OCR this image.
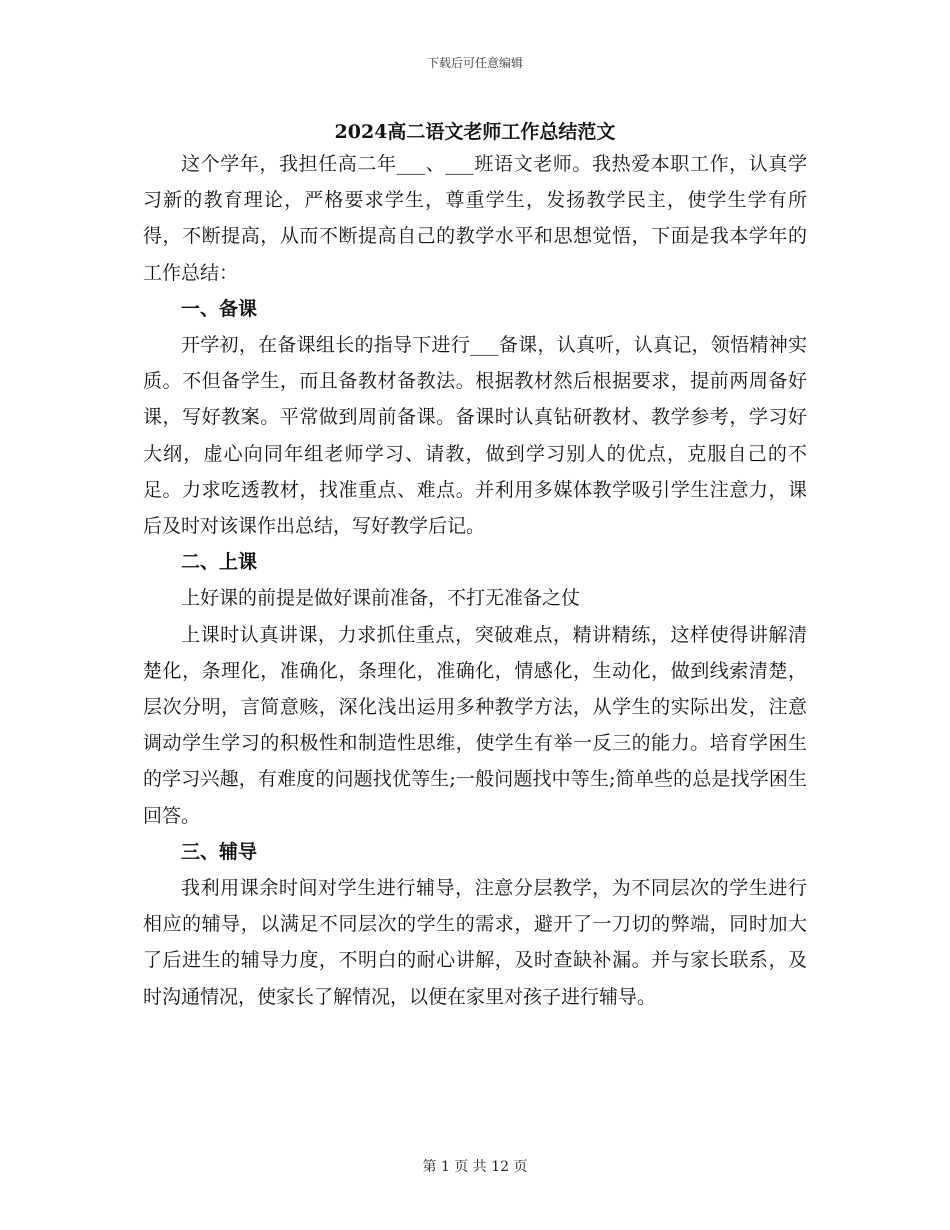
下载后可任意编辑
2024高二语文老师工作总结范文

这个学年，我担任高二年___、___班语文老师。我热爱本职工作，认真学习新的教育理论，严格要求学生，尊重学生，发扬教学民主，使学生学有所得，不断提高，从而不断提高自己的教学水平和思想觉悟，下面是我本学年的工作总结：

一、备课

开学初，在备课组长的指导下进行___备课，认真听，认真记，领悟精神实质。不但备学生，而且备教材备教法。根据教材然后根据要求，提前两周备好课，写好教案。平常做到周前备课。备课时认真钻研教材、教学参考，学习好大纲，虚心向同年组老师学习、请教，做到学习别人的优点，克服自己的不足。力求吃透教材，找准重点、难点。并利用多媒体教学吸引学生注意力，课后及时对该课作出总结，写好教学后记。

二、上课

上好课的前提是做好课前准备，不打无准备之仗

上课时认真讲课，力求抓住重点，突破难点，精讲精练，这样使得讲解清楚化，条理化，准确化，条理化，准确化，情感化，生动化，做到线索清楚，层次分明，言简意赅，深化浅出运用多种教学方法，从学生的实际出发，注意调动学生学习的积极性和制造性思维，使学生有举一反三的能力。培育学困生的学习兴趣，有难度的问题找优等生;一般问题找中等生;简单些的总是找学困生回答。

三、辅导

我利用课余时间对学生进行辅导，注意分层教学，为不同层次的学生进行相应的辅导，以满足不同层次的学生的需求，避开了一刀切的弊端，同时加大了后进生的辅导力度，不明白的耐心讲解，及时查缺补漏。并与家长联系，及时沟通情况，使家长了解情况，以便在家里对孩子进行辅导。

第 1 页 共 12 页
